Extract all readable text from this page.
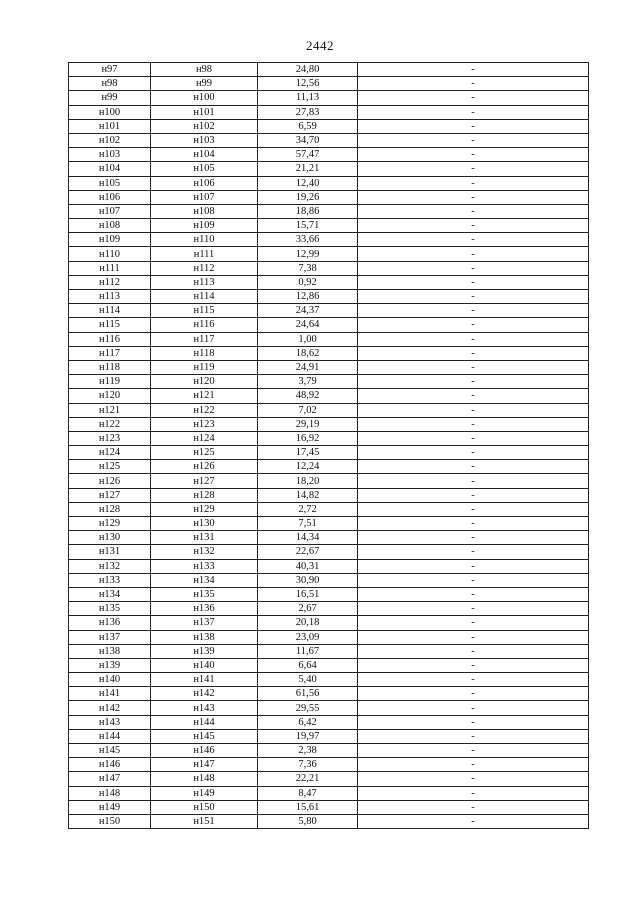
2442
н97	н98	24,80	-
н98	н99	12,56	-
н99	н100	11,13	-
н100	н101	27,83	-
н101	н102	6,59	-
н102	н103	34,70	-
н103	н104	57,47	-
н104	н105	21,21	-
н105	н106	12,40	-
н106	н107	19,26	-
н107	н108	18,86	-
н108	н109	15,71	-
н109	н110	33,66	-
н110	н111	12,99	-
н111	н112	7,38	-
н112	н113	0,92	-
н113	н114	12,86	-
н114	н115	24,37	-
н115	н116	24,64	-
н116	н117	1,00	-
н117	н118	18,62	-
н118	н119	24,91	-
н119	н120	3,79	-
н120	н121	48,92	-
н121	н122	7,02	-
н122	н123	29,19	-
н123	н124	16,92	-
н124	н125	17,45	-
н125	н126	12,24	-
н126	н127	18,20	-
н127	н128	14,82	-
н128	н129	2,72	-
н129	н130	7,51	-
н130	н131	14,34	-
н131	н132	22,67	-
н132	н133	40,31	-
н133	н134	30,90	-
н134	н135	16,51	-
н135	н136	2,67	-
н136	н137	20,18	-
н137	н138	23,09	-
н138	н139	11,67	-
н139	н140	6,64	-
н140	н141	5,40	-
н141	н142	61,56	-
н142	н143	29,55	-
н143	н144	6,42	-
н144	н145	19,97	-
н145	н146	2,38	-
н146	н147	7,36	-
н147	н148	22,21	-
н148	н149	8,47	-
н149	н150	15,61	-
н150	н151	5,80	-
